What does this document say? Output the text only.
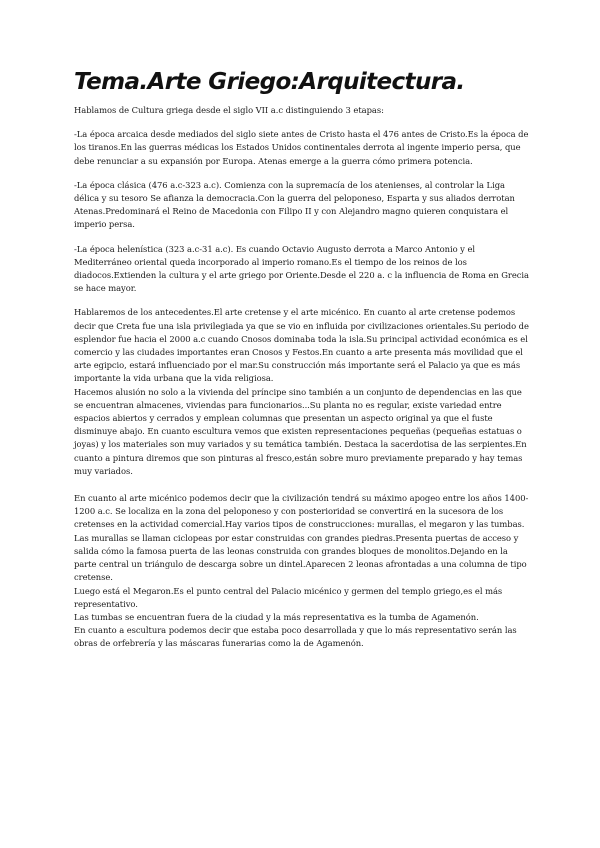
Tema.Arte Griego:Arquitectura.

Hablamos de Cultura griega desde el siglo VII a.c distinguiendo 3 etapas:

-La época arcaica desde mediados del siglo siete antes de Cristo hasta el 476 antes de Cristo.Es la época de los tiranos.En las guerras médicas los Estados Unidos continentales derrota al ingente imperio persa, que debe renunciar a su expansión por Europa. Atenas emerge a la guerra cómo primera potencia.

-La época clásica (476 a.c-323 a.c). Comienza con la supremacía de los atenienses, al controlar la Liga délica y su tesoro Se afianza la democracia.Con la guerra del peloponeso, Esparta y sus aliados derrotan Atenas.Predominará el Reino de Macedonia con Filipo II y con Alejandro magno quieren conquistara el imperio persa.

-La época helenística (323 a.c-31 a.c). Es cuando Octavio Augusto derrota a Marco Antonio y el Mediterráneo oriental queda incorporado al imperio romano.Es el tiempo de los reinos de los diadocos.Extienden la cultura y el arte griego por Oriente.Desde el 220 a. c la influencia de Roma en Grecia se hace mayor.

Hablaremos de los antecedentes.El arte cretense y el arte micénico. En cuanto al arte cretense podemos decir que Creta fue una isla privilegiada ya que se vio en influida por civilizaciones orientales.Su periodo de esplendor fue hacia el 2000 a.c cuando Cnosos dominaba toda la isla.Su principal actividad económica es el comercio y las ciudades importantes eran Cnosos y Festos.En cuanto a arte presenta más movilidad que el arte egipcio, estará influenciado por el mar.Su construcción más importante será el Palacio ya que es más importante la vida urbana que la vida religiosa.

Hacemos alusión no solo a la vivienda del príncipe sino también a un conjunto de dependencias en las que se encuentran almacenes, viviendas para funcionarios...Su planta no es regular, existe variedad entre espacios abiertos y cerrados y emplean columnas que presentan un aspecto original ya que el fuste disminuye abajo. En cuanto escultura vemos que existen representaciones pequeñas (pequeñas estatuas o joyas) y los materiales son muy variados y su temática también. Destaca la sacerdotisa de las serpientes.En cuanto a pintura diremos que son pinturas al fresco,están sobre muro previamente preparado y hay temas muy variados.

En cuanto al arte micénico podemos decir que la civilización tendrá su máximo apogeo entre los años 1400-1200 a.c. Se localiza en la zona del peloponeso y con posterioridad se convertirá en la sucesora de los cretenses en la actividad comercial.Hay varios tipos de construcciones: murallas, el megaron y las tumbas.

Las murallas se llaman ciclopeas por estar construidas con grandes piedras.Presenta puertas de acceso y salida cómo la famosa puerta de las leonas construida con grandes bloques de monolitos.Dejando en la parte central un triángulo de descarga sobre un dintel.Aparecen 2 leonas afrontadas a una columna de tipo cretense.

Luego está el Megaron.Es el punto central del Palacio micénico y germen del templo griego,es el más representativo.

Las tumbas se encuentran fuera de la ciudad y la más representativa es la tumba de Agamenón.

En cuanto a escultura podemos decir que estaba poco desarrollada y que lo más representativo serán las obras de orfebrería y las máscaras funerarias como la de Agamenón.
